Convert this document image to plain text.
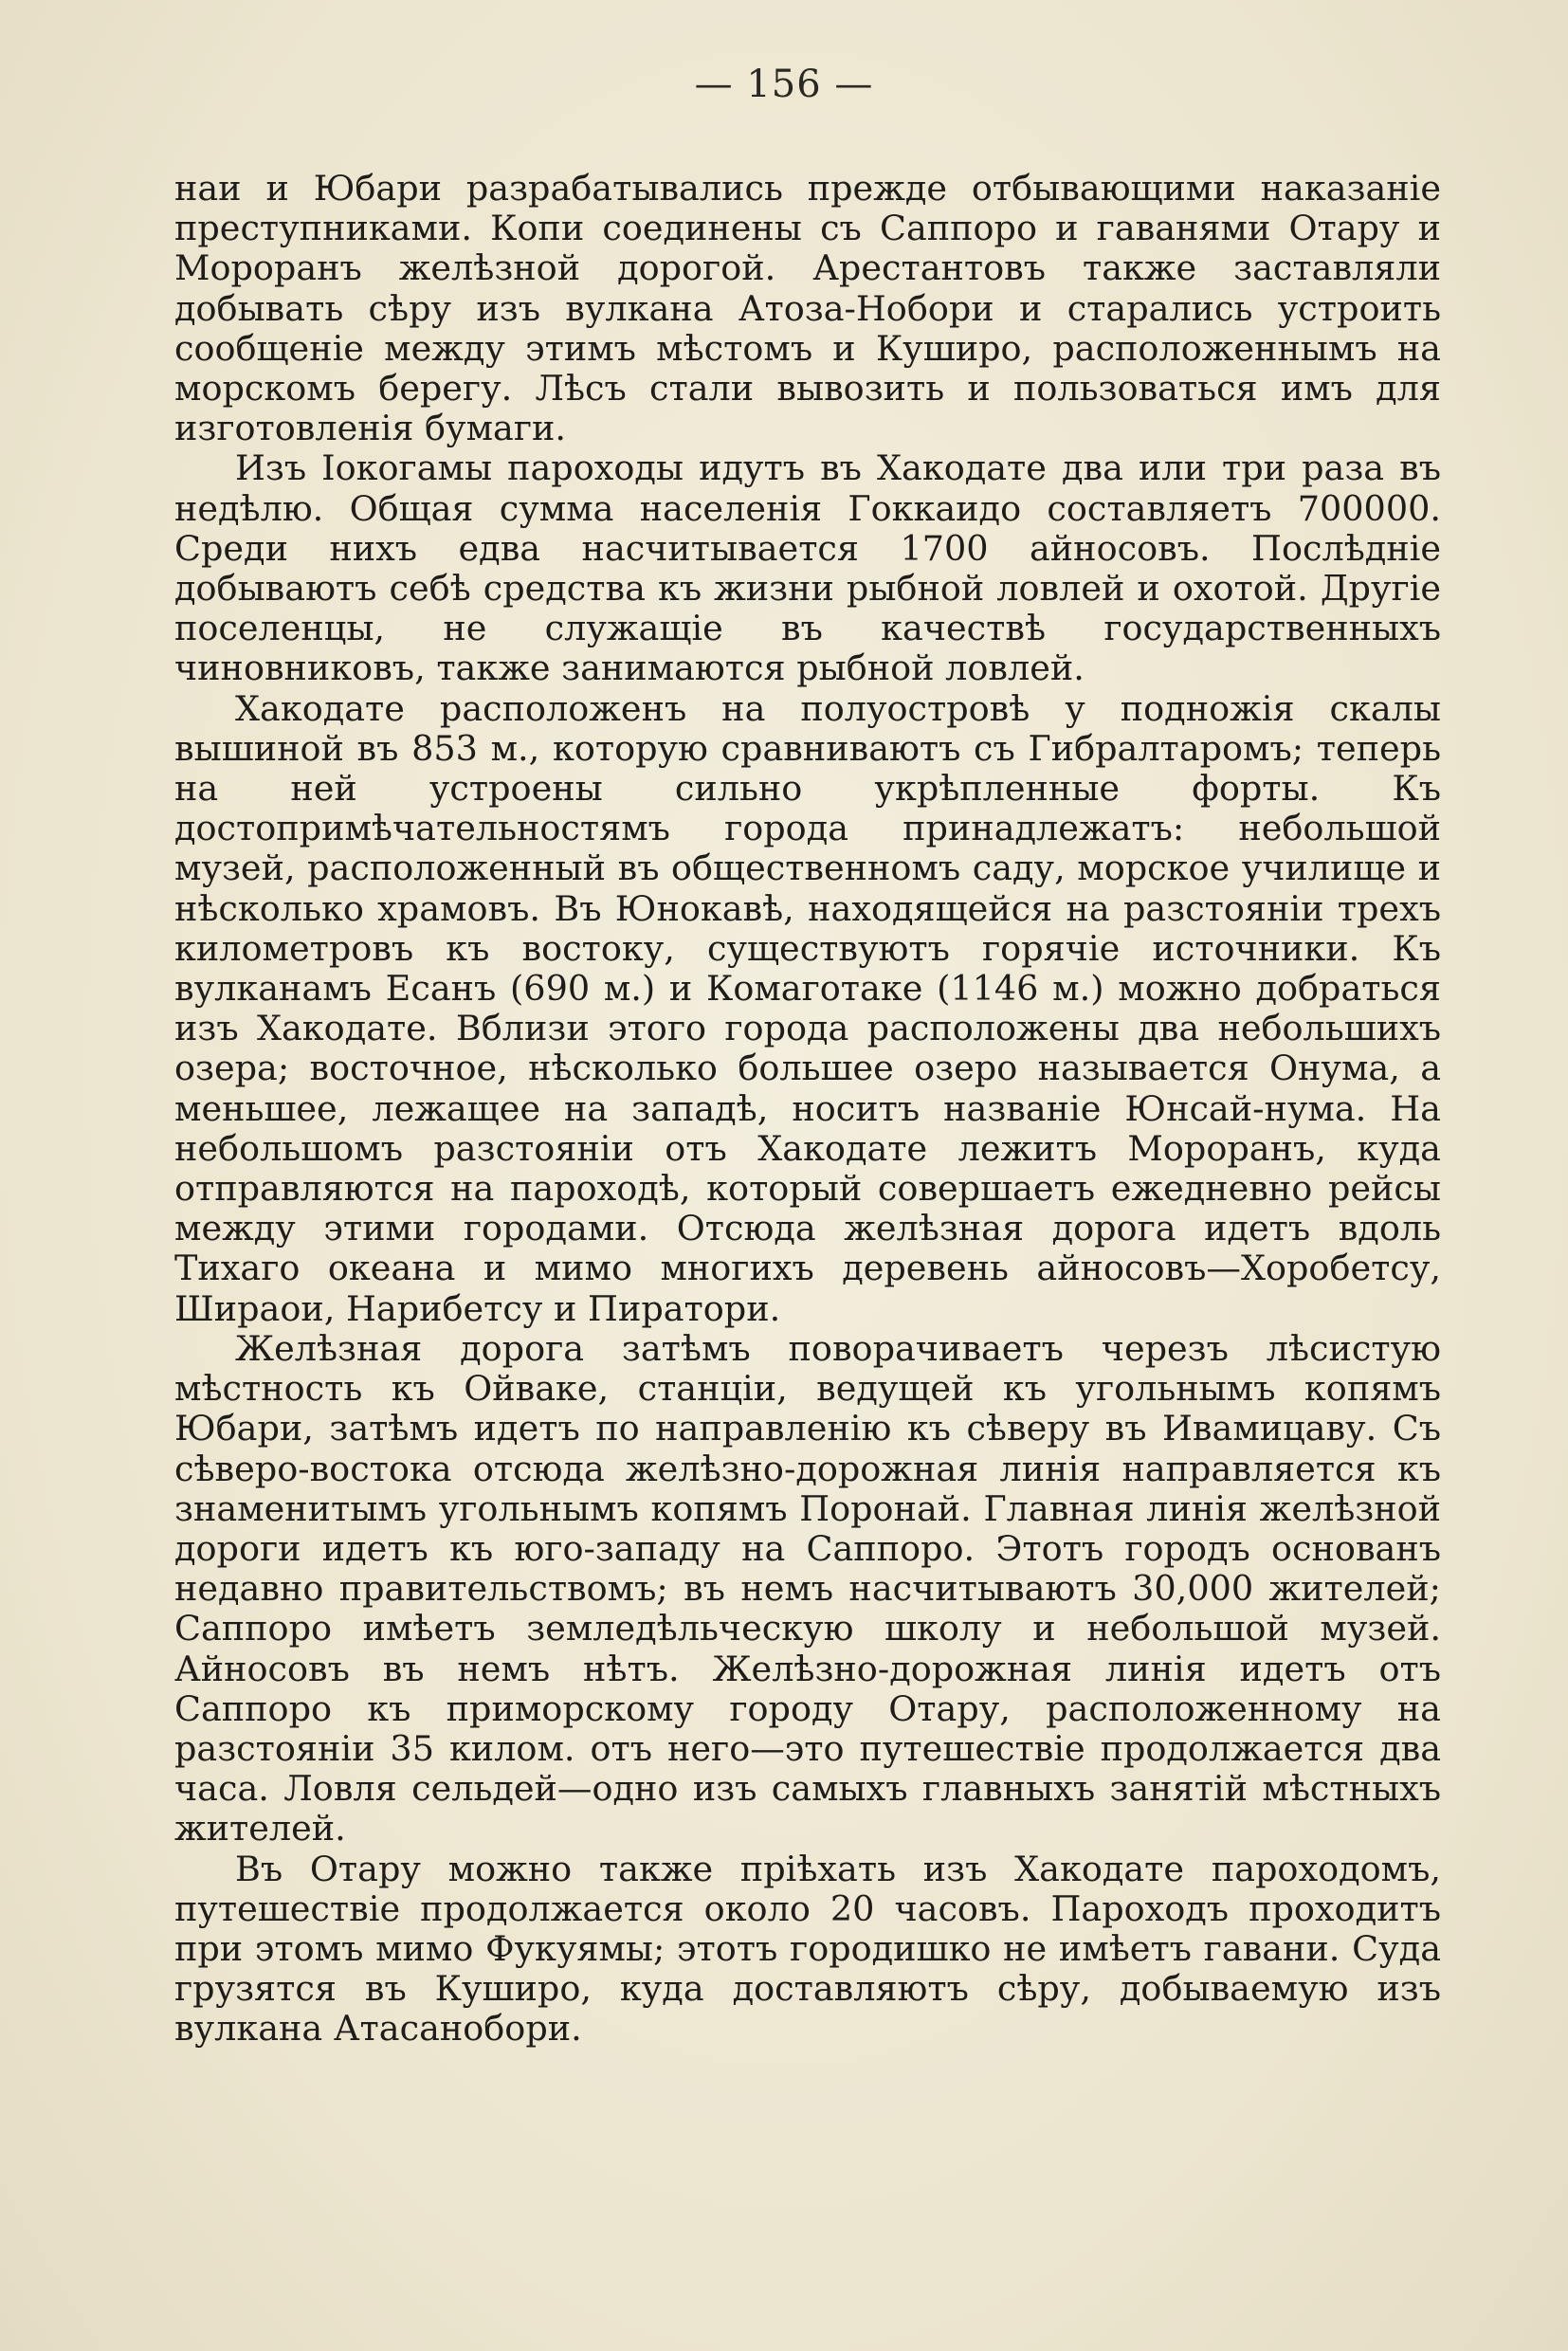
— 156 —

наи и Юбари разрабатывались прежде отбывающими наказаніе преступниками. Копи соединены съ Саппоро и гаванями Отару и Мороранъ желѣзной дорогой. Арестантовъ также заставляли добывать сѣру изъ вулкана Атоза-Нобори и старались устроить сообщеніе между этимъ мѣстомъ и Куширо, расположеннымъ на морскомъ берегу. Лѣсъ стали вывозить и пользоваться имъ для изготовленія бумаги.

Изъ Іокогамы пароходы идутъ въ Хакодате два или три раза въ недѣлю. Общая сумма населенія Гоккаидо составляетъ 700000. Среди нихъ едва насчитывается 1700 айносовъ. Послѣдніе добываютъ себѣ средства къ жизни рыбной ловлей и охотой. Другіе поселенцы, не служащіе въ качествѣ государственныхъ чиновниковъ, также занимаются рыбной ловлей.

Хакодате расположенъ на полуостровѣ у подножія скалы вышиной въ 853 м., которую сравниваютъ съ Гибралтаромъ; теперь на ней устроены сильно укрѣпленные форты. Къ достопримѣчательностямъ города принадлежатъ: небольшой музей, расположенный въ общественномъ саду, морское училище и нѣсколько храмовъ. Въ Юнокавѣ, находящейся на разстояніи трехъ километровъ къ востоку, существуютъ горячіе источники. Къ вулканамъ Есанъ (690 м.) и Комаготаке (1146 м.) можно добраться изъ Хакодате. Вблизи этого города расположены два небольшихъ озера; восточное, нѣсколько большее озеро называется Онума, а меньшее, лежащее на западѣ, носитъ названіе Юнсай-нума. На небольшомъ разстояніи отъ Хакодате лежитъ Мороранъ, куда отправляются на пароходѣ, который совершаетъ ежедневно рейсы между этими городами. Отсюда желѣзная дорога идетъ вдоль Тихаго океана и мимо многихъ деревень айносовъ—Хоробетсу, Шираои, Нарибетсу и Пиратори.

Желѣзная дорога затѣмъ поворачиваетъ черезъ лѣсистую мѣстность къ Ойваке, станціи, ведущей къ угольнымъ копямъ Юбари, затѣмъ идетъ по направленію къ сѣверу въ Ивамицаву. Съ сѣверо-востока отсюда желѣзно-дорожная линія направляется къ знаменитымъ угольнымъ копямъ Поронай. Главная линія желѣзной дороги идетъ къ юго-западу на Саппоро. Этотъ городъ основанъ недавно правительствомъ; въ немъ насчитываютъ 30,000 жителей; Саппоро имѣетъ земледѣльческую школу и небольшой музей. Айносовъ въ немъ нѣтъ. Желѣзно-дорожная линія идетъ отъ Саппоро къ приморскому городу Отару, расположенному на разстояніи 35 килом. отъ него—это путешествіе продолжается два часа. Ловля сельдей—одно изъ самыхъ главныхъ занятій мѣстныхъ жителей.

Въ Отару можно также пріѣхать изъ Хакодате пароходомъ, путешествіе продолжается около 20 часовъ. Пароходъ проходитъ при этомъ мимо Фукуямы; этотъ городишко не имѣетъ гавани. Суда грузятся въ Куширо, куда доставляютъ сѣру, добываемую изъ вулкана Атасанобори.
